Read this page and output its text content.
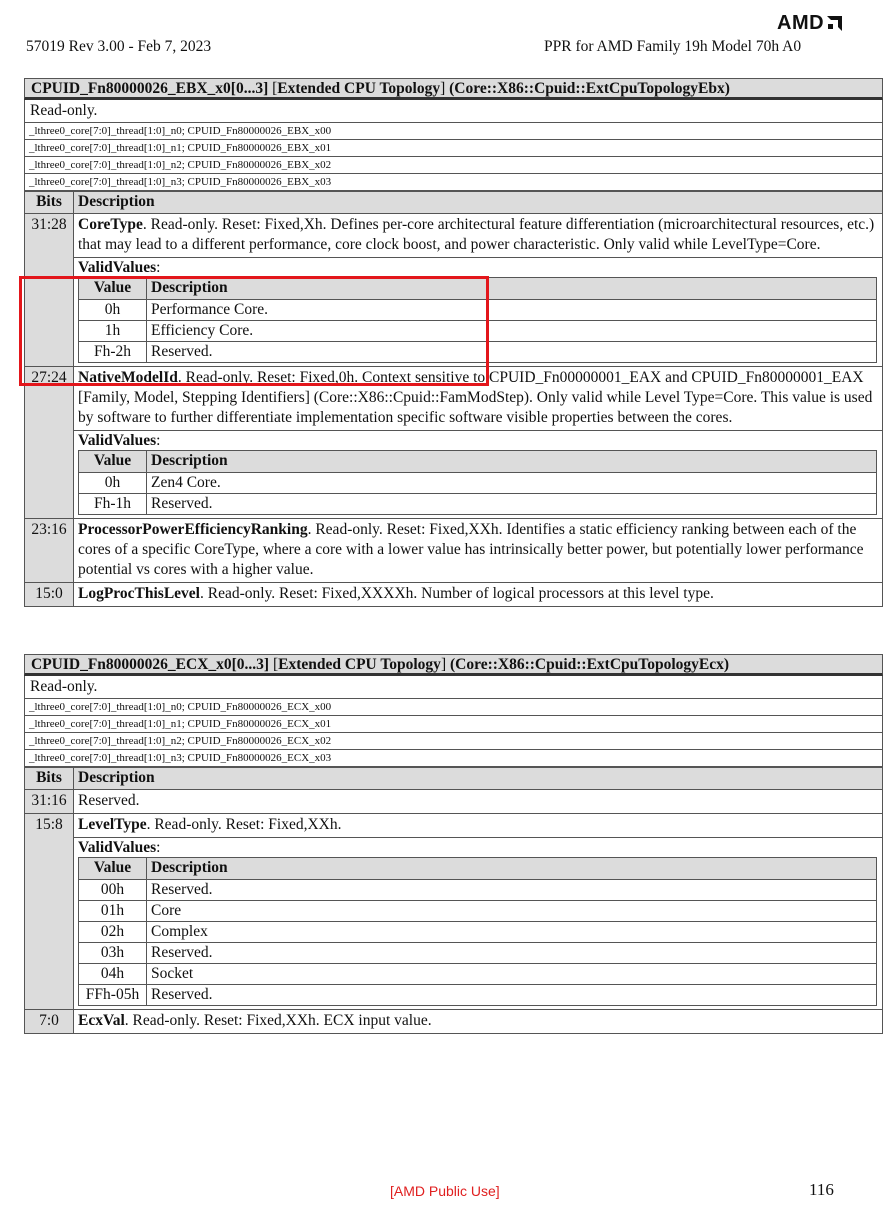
AMD
57019 Rev 3.00 - Feb 7, 2023	PPR for AMD Family 19h Model 70h A0
CPUID_Fn80000026_EBX_x0[0...3] [Extended CPU Topology] (Core::X86::Cpuid::ExtCpuTopologyEbx)
Read-only.
_lthree0_core[7:0]_thread[1:0]_n0; CPUID_Fn80000026_EBX_x00
_lthree0_core[7:0]_thread[1:0]_n1; CPUID_Fn80000026_EBX_x01
_lthree0_core[7:0]_thread[1:0]_n2; CPUID_Fn80000026_EBX_x02
_lthree0_core[7:0]_thread[1:0]_n3; CPUID_Fn80000026_EBX_x03
Bits	Description
31:28	CoreType. Read-only. Reset: Fixed,Xh. Defines per-core architectural feature differentiation (microarchitectural resources, etc.) that may lead to a different performance, core clock boost, and power characteristic. Only valid while LevelType=Core.

ValidValues:
Value	Description
0h	Performance Core.
1h	Efficiency Core.
Fh-2h	Reserved.

27:24	NativeModelId. Read-only. Reset: Fixed,0h. Context sensitive to CPUID_Fn00000001_EAX and CPUID_Fn80000001_EAX [Family, Model, Stepping Identifiers] (Core::X86::Cpuid::FamModStep). Only valid while Level Type=Core. This value is used by software to further differentiate implementation specific software visible properties between the cores.

ValidValues:
Value	Description
0h	Zen4 Core.
Fh-1h	Reserved.

23:16	ProcessorPowerEfficiencyRanking. Read-only. Reset: Fixed,XXh. Identifies a static efficiency ranking between each of the cores of a specific CoreType, where a core with a lower value has intrinsically better power, but potentially lower performance potential vs cores with a higher value.
15:0	LogProcThisLevel. Read-only. Reset: Fixed,XXXXh. Number of logical processors at this level type.
CPUID_Fn80000026_ECX_x0[0...3] [Extended CPU Topology] (Core::X86::Cpuid::ExtCpuTopologyEcx)
Read-only.
_lthree0_core[7:0]_thread[1:0]_n0; CPUID_Fn80000026_ECX_x00
_lthree0_core[7:0]_thread[1:0]_n1; CPUID_Fn80000026_ECX_x01
_lthree0_core[7:0]_thread[1:0]_n2; CPUID_Fn80000026_ECX_x02
_lthree0_core[7:0]_thread[1:0]_n3; CPUID_Fn80000026_ECX_x03
Bits	Description
31:16	Reserved.
15:8	LevelType. Read-only. Reset: Fixed,XXh.

ValidValues:
Value	Description
00h	Reserved.
01h	Core
02h	Complex
03h	Reserved.
04h	Socket
FFh-05h	Reserved.

7:0	EcxVal. Read-only. Reset: Fixed,XXh. ECX input value.
[AMD Public Use]	116
